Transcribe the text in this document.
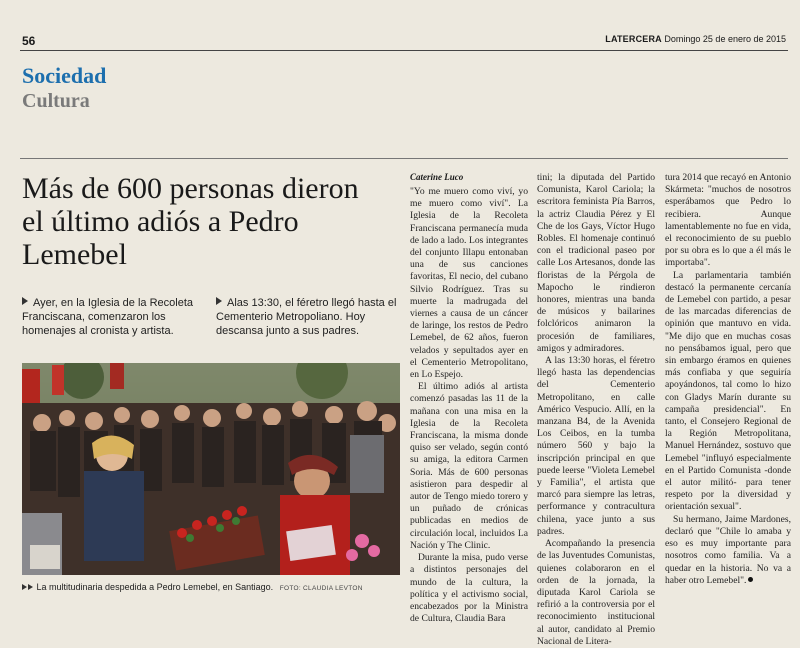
56	LATERCERA Domingo 25 de enero de 2015
Sociedad
Cultura
Más de 600 personas dieron el último adiós a Pedro Lemebel
Ayer, en la Iglesia de la Recoleta Franciscana, comenzaron los homenajes al cronista y artista.
Alas 13:30, el féretro llegó hasta el Cementerio Metropoliano. Hoy descansa junto a sus padres.
La multitudinaria despedida a Pedro Lemebel, en Santiago. FOTO: CLAUDIA LEVTON
Caterine Luco

"Yo me muero como viví, yo me muero como viví". La Iglesia de la Recoleta Franciscana permanecía muda de lado a lado. Los integrantes del conjunto Illapu entonaban una de sus canciones favoritas, El necio, del cubano Silvio Rodríguez. Tras su muerte la madrugada del viernes a causa de un cáncer de laringe, los restos de Pedro Lemebel, de 62 años, fueron velados y sepultados ayer en el Cementerio Metropolitano, en Lo Espejo.

El último adiós al artista comenzó pasadas las 11 de la mañana con una misa en la Iglesia de la Recoleta Franciscana, la misma donde quiso ser velado, según contó su amiga, la editora Carmen Soria. Más de 600 personas asistieron para despedir al autor de Tengo miedo torero y un puñado de crónicas publicadas en medios de circulación local, incluidos La Nación y The Clinic.

Durante la misa, pudo verse a distintos personajes del mundo de la cultura, la política y el activismo social, encabezados por la Ministra de Cultura, Claudia Bara

tini; la diputada del Partido Comunista, Karol Cariola; la escritora feminista Pía Barros, la actriz Claudia Pérez y El Che de los Gays, Víctor Hugo Robles. El homenaje continuó con el tradicional paseo por calle Los Artesanos, donde las floristas de la Pérgola de Mapocho le rindieron honores, mientras una banda de músicos y bailarines folclóricos animaron la procesión de familiares, amigos y admiradores.

A las 13:30 horas, el féretro llegó hasta las dependencias del Cementerio Metropolitano, en calle Américo Vespucio. Allí, en la manzana B4, de la Avenida Los Ceibos, en la tumba número 560 y bajo la inscripción principal en que puede leerse "Violeta Lemebel y Familia", el artista que marcó para siempre las letras, performance y contracultura chilena, yace junto a sus padres.

Acompañando la presencia de las Juventudes Comunistas, quienes colaboraron en el orden de la jornada, la diputada Karol Cariola se refirió a la controversia por el reconocimiento institucional al autor, candidato al Premio Nacional de Litera-

tura 2014 que recayó en Antonio Skármeta: "muchos de nosotros esperábamos que Pedro lo recibiera. Aunque lamentablemente no fue en vida, el reconocimiento de su pueblo por su obra es lo que a él más le importaba".

La parlamentaria también destacó la permanente cercanía de Lemebel con partido, a pesar de las marcadas diferencias de opinión que mantuvo en vida. "Me dijo que en muchas cosas no pensábamos igual, pero que sin embargo éramos en quienes más confiaba y que seguiría apoyándonos, tal como lo hizo con Gladys Marín durante su campaña presidencial". En tanto, el Consejero Regional de la Región Metropolitana, Manuel Hernández, sostuvo que Lemebel "influyó especialmente en el Partido Comunista -donde el autor militó- para tener respeto por la diversidad y orientación sexual".

Su hermano, Jaime Mardones, declaró que "Chile lo amaba y eso es muy importante para nosotros como familia. Va a quedar en la historia. No va a haber otro Lemebel".
